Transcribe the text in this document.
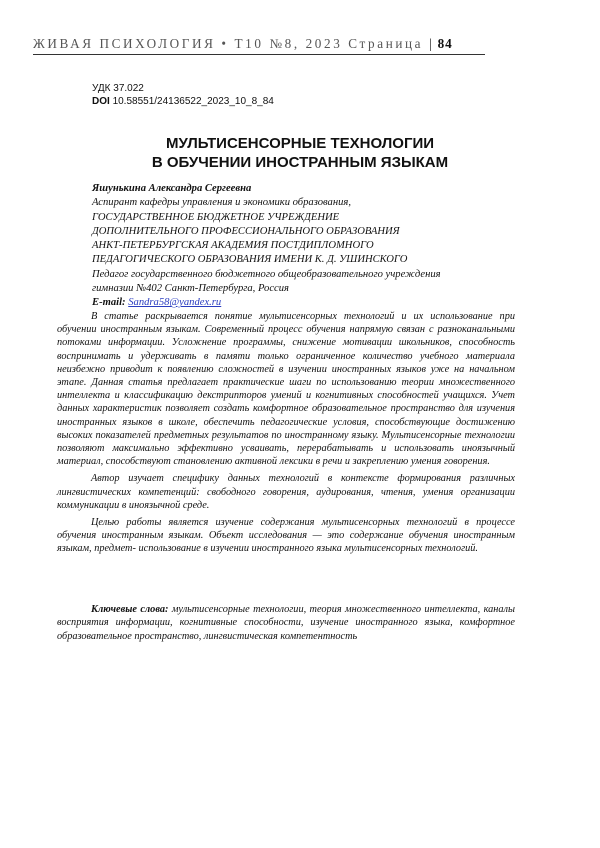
ЖИВАЯ ПСИХОЛОГИЯ • Т10 №8, 2023 Страница | 84
УДК 37.022
DOI 10.58551/24136522_2023_10_8_84
МУЛЬТИСЕНСОРНЫЕ ТЕХНОЛОГИИ
В ОБУЧЕНИИ ИНОСТРАННЫМ ЯЗЫКАМ
Яшунькина Александра Сергеевна
Аспирант кафедры управления и экономики образования,
ГОСУДАРСТВЕННОЕ БЮДЖЕТНОЕ УЧРЕЖДЕНИЕ
ДОПОЛНИТЕЛЬНОГО ПРОФЕССИОНАЛЬНОГО ОБРАЗОВАНИЯ
АНКТ-ПЕТЕРБУРГСКАЯ АКАДЕМИЯ ПОСТДИПЛОМНОГО
ПЕДАГОГИЧЕСКОГО ОБРАЗОВАНИЯ ИМЕНИ К. Д. УШИНСКОГО
Педагог государственного бюджетного общеобразовательного учреждения
гимназии №402 Санкт-Петербурга, Россия
E-mail: Sandra58@yandex.ru

В статье раскрывается понятие мультисенсорных технологий и их использование при обучении иностранным языкам. Современный процесс обучения напрямую связан с разноканальными потоками информации. Усложнение программы, снижение мотивации школьников, способность воспринимать и удерживать в памяти только ограниченное количество учебного материала неизбежно приводит к появлению сложностей в изучении иностранных языков уже на начальном этапе. Данная статья предлагает практические шаги по использованию теории множественного интеллекта и классификацию декстрипторов умений и когнитивных способностей учащихся. Учет данных характеристик позволяет создать комфортное образовательное пространство для изучения иностранных языков в школе, обеспечить педагогические условия, способствующие достижению высоких показателей предметных результатов по иностранному языку. Мультисенсорные технологии позволяют максимально эффективно усваивать, перерабатывать и использовать иноязычный материал, способствуют становлению активной лексики в речи и закреплению умения говорения.

Автор изучает специфику данных технологий в контексте формирования различных лингвистических компетенций: свободного говорения, аудирования, чтения, умения организации коммуникации в иноязычной среде.

Целью работы является изучение содержания мультисенсорных технологий в процессе обучения иностранным языкам. Объект исследования — это содержание обучения иностранным языкам, предмет- использование в изучении иностранного языка мультисенсорных технологий.

Ключевые слова: мультисенсорные технологии, теория множественного интеллекта, каналы восприятия информации, когнитивные способности, изучение иностранного языка, комфортное образовательное пространство, лингвистическая компетентность
